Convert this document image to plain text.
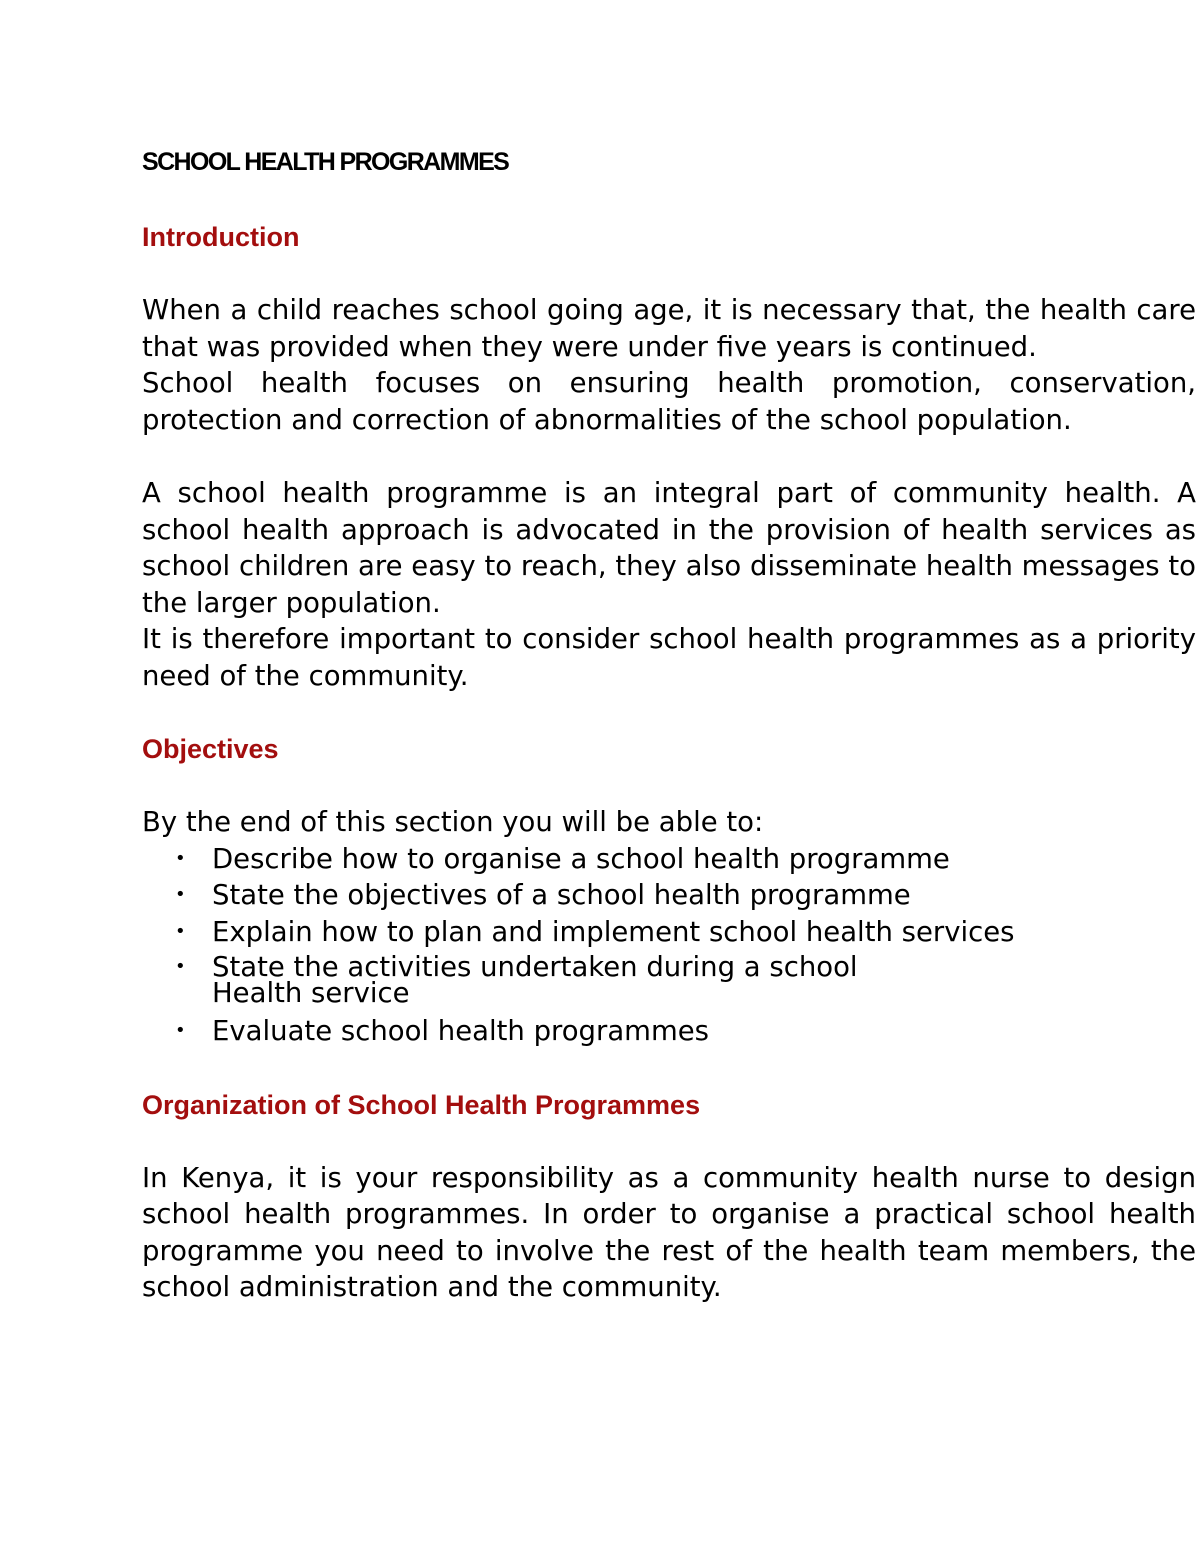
SCHOOL HEALTH PROGRAMMES
Introduction

When a child reaches school going age, it is necessary that, the health care that was provided when they were under five years is continued.

School health focuses on ensuring health promotion, conservation, protection and correction of abnormalities of the school population.

A school health programme is an integral part of community health. A school health approach is advocated in the provision of health services as school children are easy to reach, they also disseminate health messages to the larger population.

It is therefore important to consider school health programmes as a priority need of the community.

Objectives

By the end of this section you will be able to:

• Describe how to organise a school health programme
• State the objectives of a school health programme
• Explain how to plan and implement school health services
• State the activities undertaken during a school
Health service
• Evaluate school health programmes
Organization of School Health Programmes

In Kenya, it is your responsibility as a community health nurse to design school health programmes. In order to organise a practical school health programme you need to involve the rest of the health team members, the school administration and the community.
